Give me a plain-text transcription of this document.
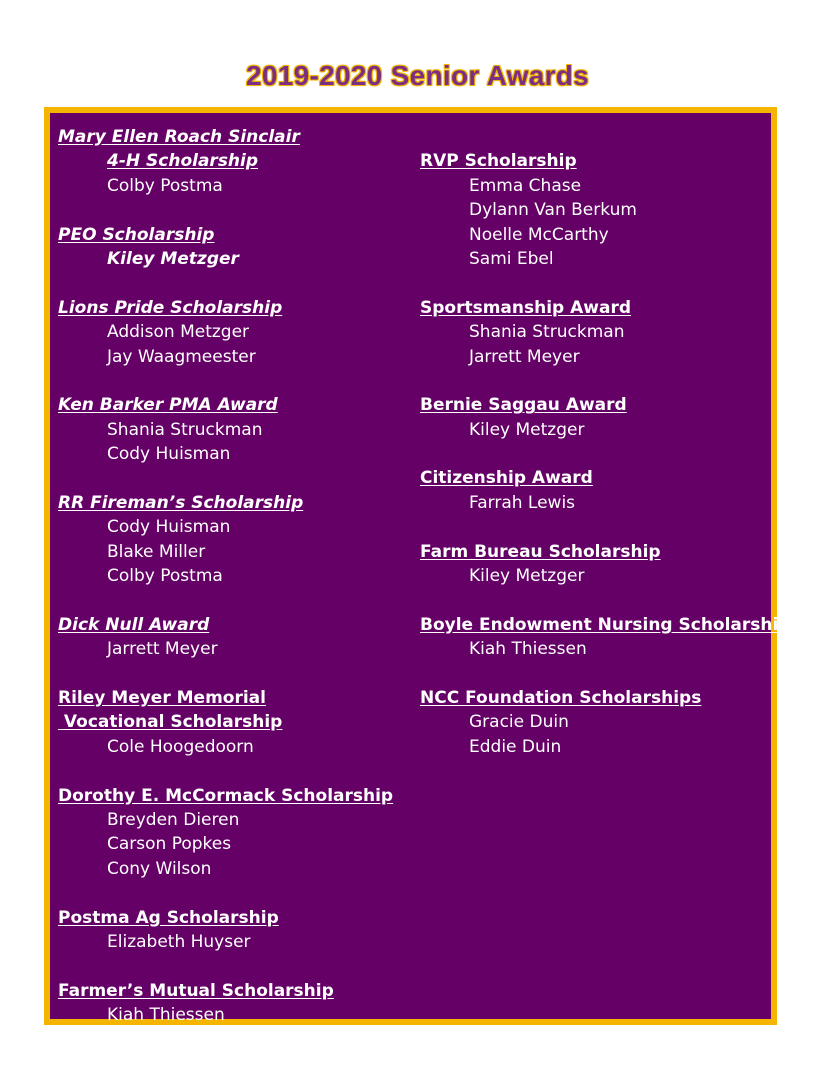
2019-2020 Senior Awards
Mary Ellen Roach Sinclair
4-H Scholarship
Colby Postma
PEO Scholarship
Kiley Metzger
Lions Pride Scholarship
Addison Metzger
Jay Waagmeester
Ken Barker PMA Award
Shania Struckman
Cody Huisman
RR Fireman’s Scholarship
Cody Huisman
Blake Miller
Colby Postma
Dick Null Award
Jarrett Meyer
Riley Meyer Memorial
Vocational Scholarship
Cole Hoogedoorn
Dorothy E. McCormack Scholarship
Breyden Dieren
Carson Popkes
Cony Wilson
Postma Ag Scholarship
Elizabeth Huyser
Farmer’s Mutual Scholarship
Kiah Thiessen
RVP Scholarship
Emma Chase
Dylann Van Berkum
Noelle McCarthy
Sami Ebel
Sportsmanship Award
Shania Struckman
Jarrett Meyer
Bernie Saggau Award
Kiley Metzger
Citizenship Award
Farrah Lewis
Farm Bureau Scholarship
Kiley Metzger
Boyle Endowment Nursing Scholarship
Kiah Thiessen
NCC Foundation Scholarships
Gracie Duin
Eddie Duin
